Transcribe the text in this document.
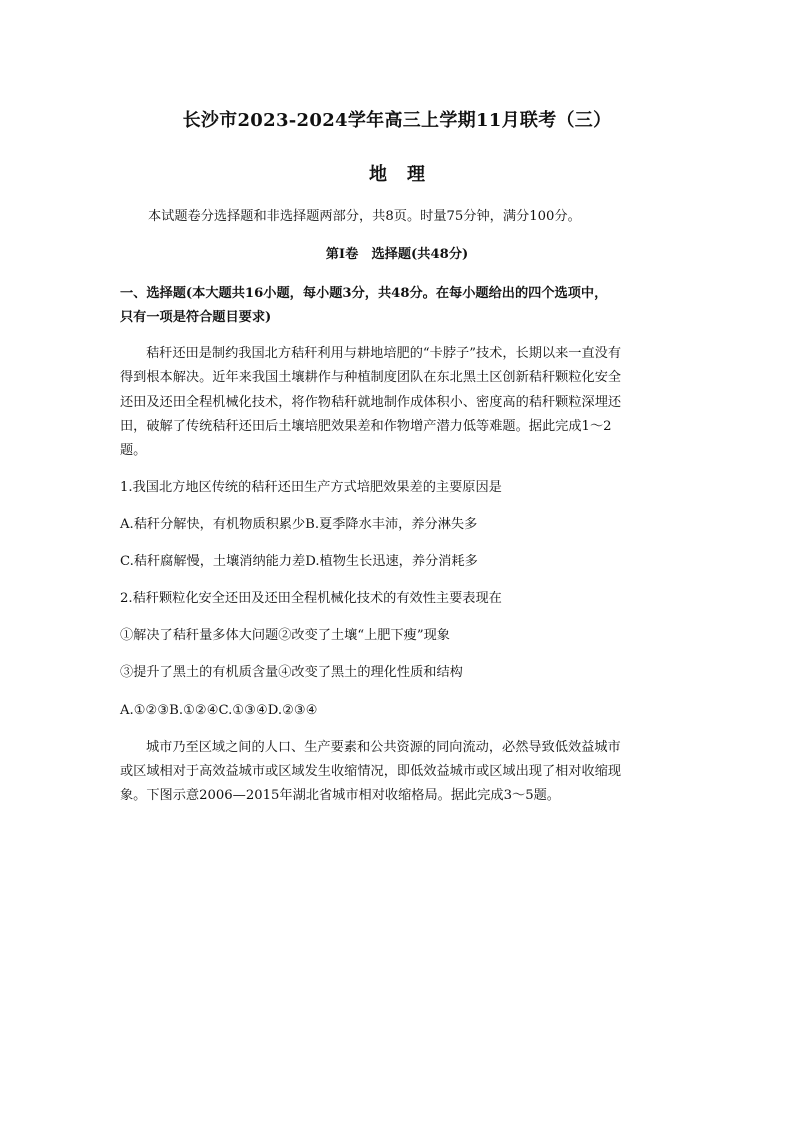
长沙市2023-2024学年高三上学期11月联考（三）
地 理
本试题卷分选择题和非选择题两部分，共8页。时量75分钟，满分100分。
第Ⅰ卷　选择题(共48分)
一、选择题(本大题共16小题，每小题3分，共48分。在每小题给出的四个选项中，
只有一项是符合题目要求)
秸秆还田是制约我国北方秸秆利用与耕地培肥的“卡脖子”技术，长期以来一直没有
得到根本解决。近年来我国土壤耕作与种植制度团队在东北黑土区创新秸秆颗粒化安全
还田及还田全程机械化技术，将作物秸秆就地制作成体积小、密度高的秸秆颗粒深埋还
田，破解了传统秸秆还田后土壤培肥效果差和作物增产潜力低等难题。据此完成1～2
题。
1.我国北方地区传统的秸秆还田生产方式培肥效果差的主要原因是
A.秸秆分解快，有机物质积累少B.夏季降水丰沛，养分淋失多
C.秸秆腐解慢，土壤消纳能力差D.植物生长迅速，养分消耗多
2.秸秆颗粒化安全还田及还田全程机械化技术的有效性主要表现在
①解决了秸秆量多体大问题②改变了土壤“上肥下瘦”现象
③提升了黑土的有机质含量④改变了黑土的理化性质和结构
A.①②③B.①②④C.①③④D.②③④
城市乃至区域之间的人口、生产要素和公共资源的同向流动，必然导致低效益城市
或区域相对于高效益城市或区域发生收缩情况，即低效益城市或区域出现了相对收缩现
象。下图示意2006—2015年湖北省城市相对收缩格局。据此完成3～5题。
